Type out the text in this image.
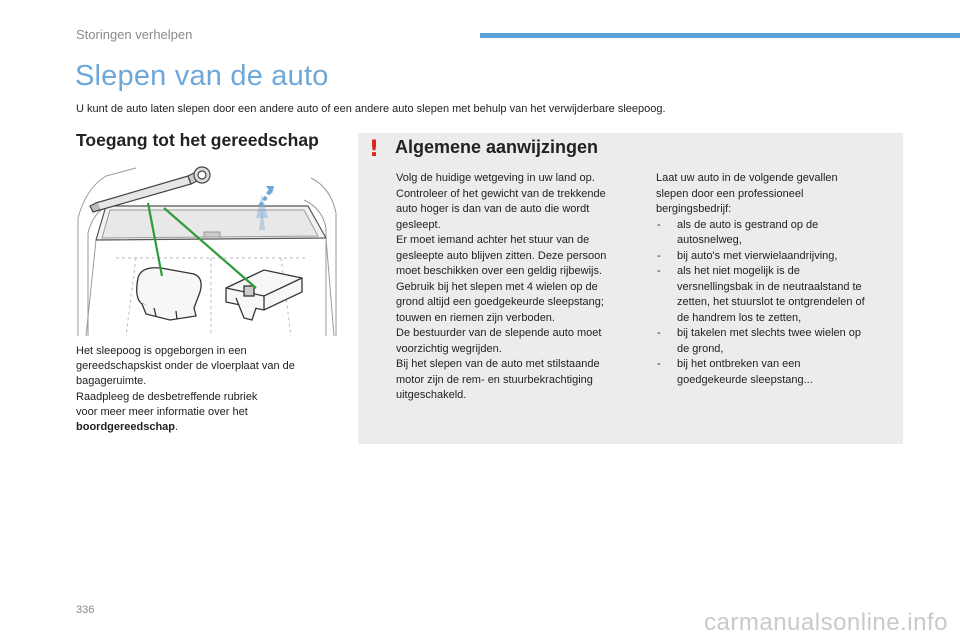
Storingen verhelpen
Slepen van de auto
U kunt de auto laten slepen door een andere auto of een andere auto slepen met behulp van het verwijderbare sleepoog.
Toegang tot het gereedschap

Het sleepoog is opgeborgen in een

gereedschapskist onder de vloerplaat van de

bagageruimte.

Raadpleeg de desbetreffende rubriek

voor meer meer informatie over het

boordgereedschap.

! Algemene aanwijzingen

Volg de huidige wetgeving in uw land op.

Controleer of het gewicht van de trekkende

auto hoger is dan van de auto die wordt

gesleept.

Er moet iemand achter het stuur van de

gesleepte auto blijven zitten. Deze persoon

moet beschikken over een geldig rijbewijs.

Gebruik bij het slepen met 4 wielen op de

grond altijd een goedgekeurde sleepstang;

touwen en riemen zijn verboden.

De bestuurder van de slepende auto moet

voorzichtig wegrijden.

Bij het slepen van de auto met stilstaande

motor zijn de rem- en stuurbekrachtiging

uitgeschakeld.

Laat uw auto in de volgende gevallen

slepen door een professioneel

bergingsbedrijf:

- als de auto is gestrand op de
autosnelweg,
- bij auto's met vierwielaandrijving,
- als het niet mogelijk is de
versnellingsbak in de neutraalstand te
zetten, het stuurslot te ontgrendelen of
de handrem los te zetten,
- bij takelen met slechts twee wielen op
de grond,
- bij het ontbreken van een
goedgekeurde sleepstang...
336	carmanualsonline.info
